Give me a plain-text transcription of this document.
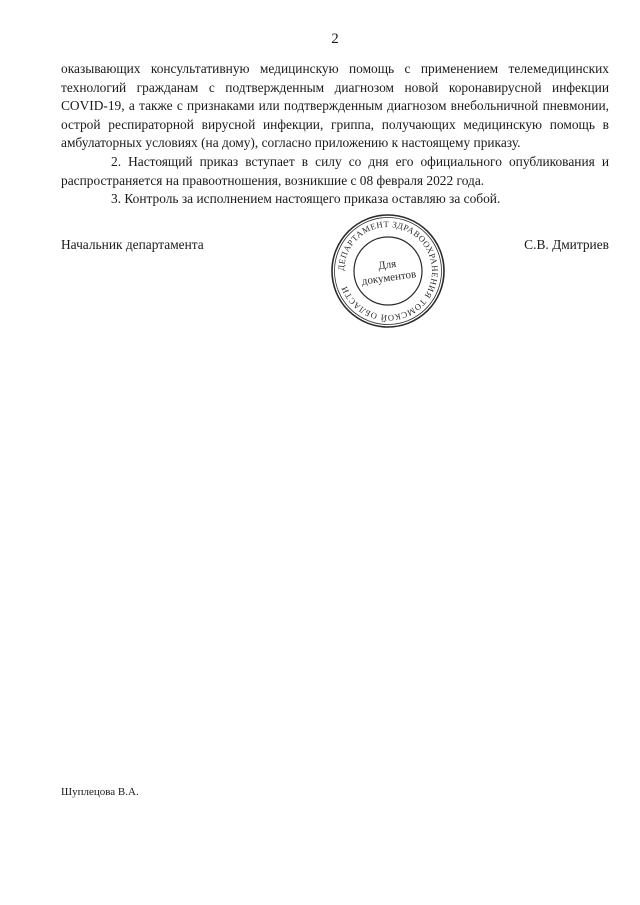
2

оказывающих консультативную медицинскую помощь с применением телемедицинских технологий гражданам с подтвержденным диагнозом новой коронавирусной инфекции COVID-19, а также с признаками или подтвержденным диагнозом внебольничной пневмонии, острой респираторной вирусной инфекции, гриппа, получающих медицинскую помощь в амбулаторных условиях (на дому), согласно приложению к настоящему приказу.

2. Настоящий приказ вступает в силу со дня его официального опубликования и распространяется на правоотношения, возникшие с 08 февраля 2022 года.

3. Контроль за исполнением настоящего приказа оставляю за собой.

Начальник департамента	С.В. Дмитриев
ДЕПАРТАМЕНТ ЗДРАВООХРАНЕНИЯ ТОМСКОЙ ОБЛАСТИ
Для
документов
Шуплецова В.А.
